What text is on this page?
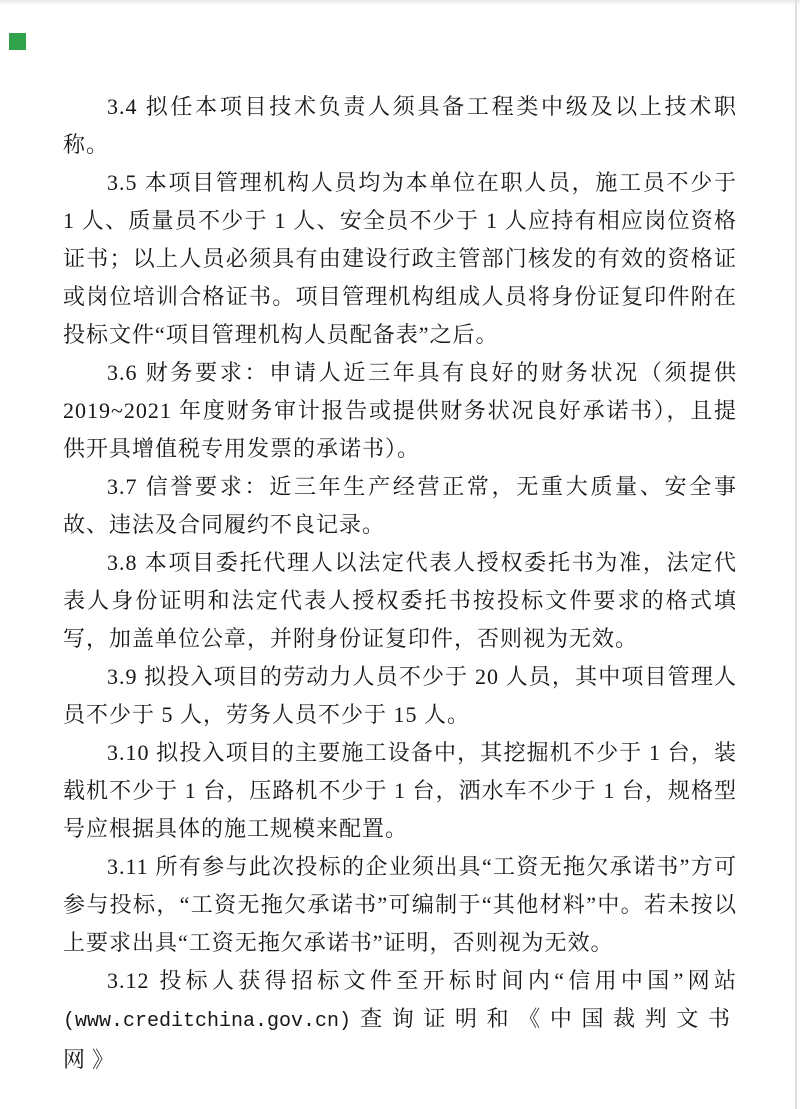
3.4 拟任本项目技术负责人须具备工程类中级及以上技术职称。

3.5 本项目管理机构人员均为本单位在职人员，施工员不少于 1 人、质量员不少于 1 人、安全员不少于 1 人应持有相应岗位资格证书；以上人员必须具有由建设行政主管部门核发的有效的资格证或岗位培训合格证书。项目管理机构组成人员将身份证复印件附在投标文件“项目管理机构人员配备表”之后。

3.6 财务要求：申请人近三年具有良好的财务状况（须提供 2019~2021 年度财务审计报告或提供财务状况良好承诺书），且提供开具增值税专用发票的承诺书）。

3.7 信誉要求：近三年生产经营正常，无重大质量、安全事故、违法及合同履约不良记录。

3.8 本项目委托代理人以法定代表人授权委托书为准，法定代表人身份证明和法定代表人授权委托书按投标文件要求的格式填写，加盖单位公章，并附身份证复印件，否则视为无效。

3.9 拟投入项目的劳动力人员不少于 20 人员，其中项目管理人员不少于 5 人，劳务人员不少于 15 人。

3.10 拟投入项目的主要施工设备中，其挖掘机不少于 1 台，装载机不少于 1 台，压路机不少于 1 台，洒水车不少于 1 台，规格型号应根据具体的施工规模来配置。

3.11 所有参与此次投标的企业须出具“工资无拖欠承诺书”方可参与投标，“工资无拖欠承诺书”可编制于“其他材料”中。若未按以上要求出具“工资无拖欠承诺书”证明，否则视为无效。

3.12 投标人获得招标文件至开标时间内“信用中国”网站 (www.creditchina.gov.cn) 查询证明和《中国裁判文书网》
